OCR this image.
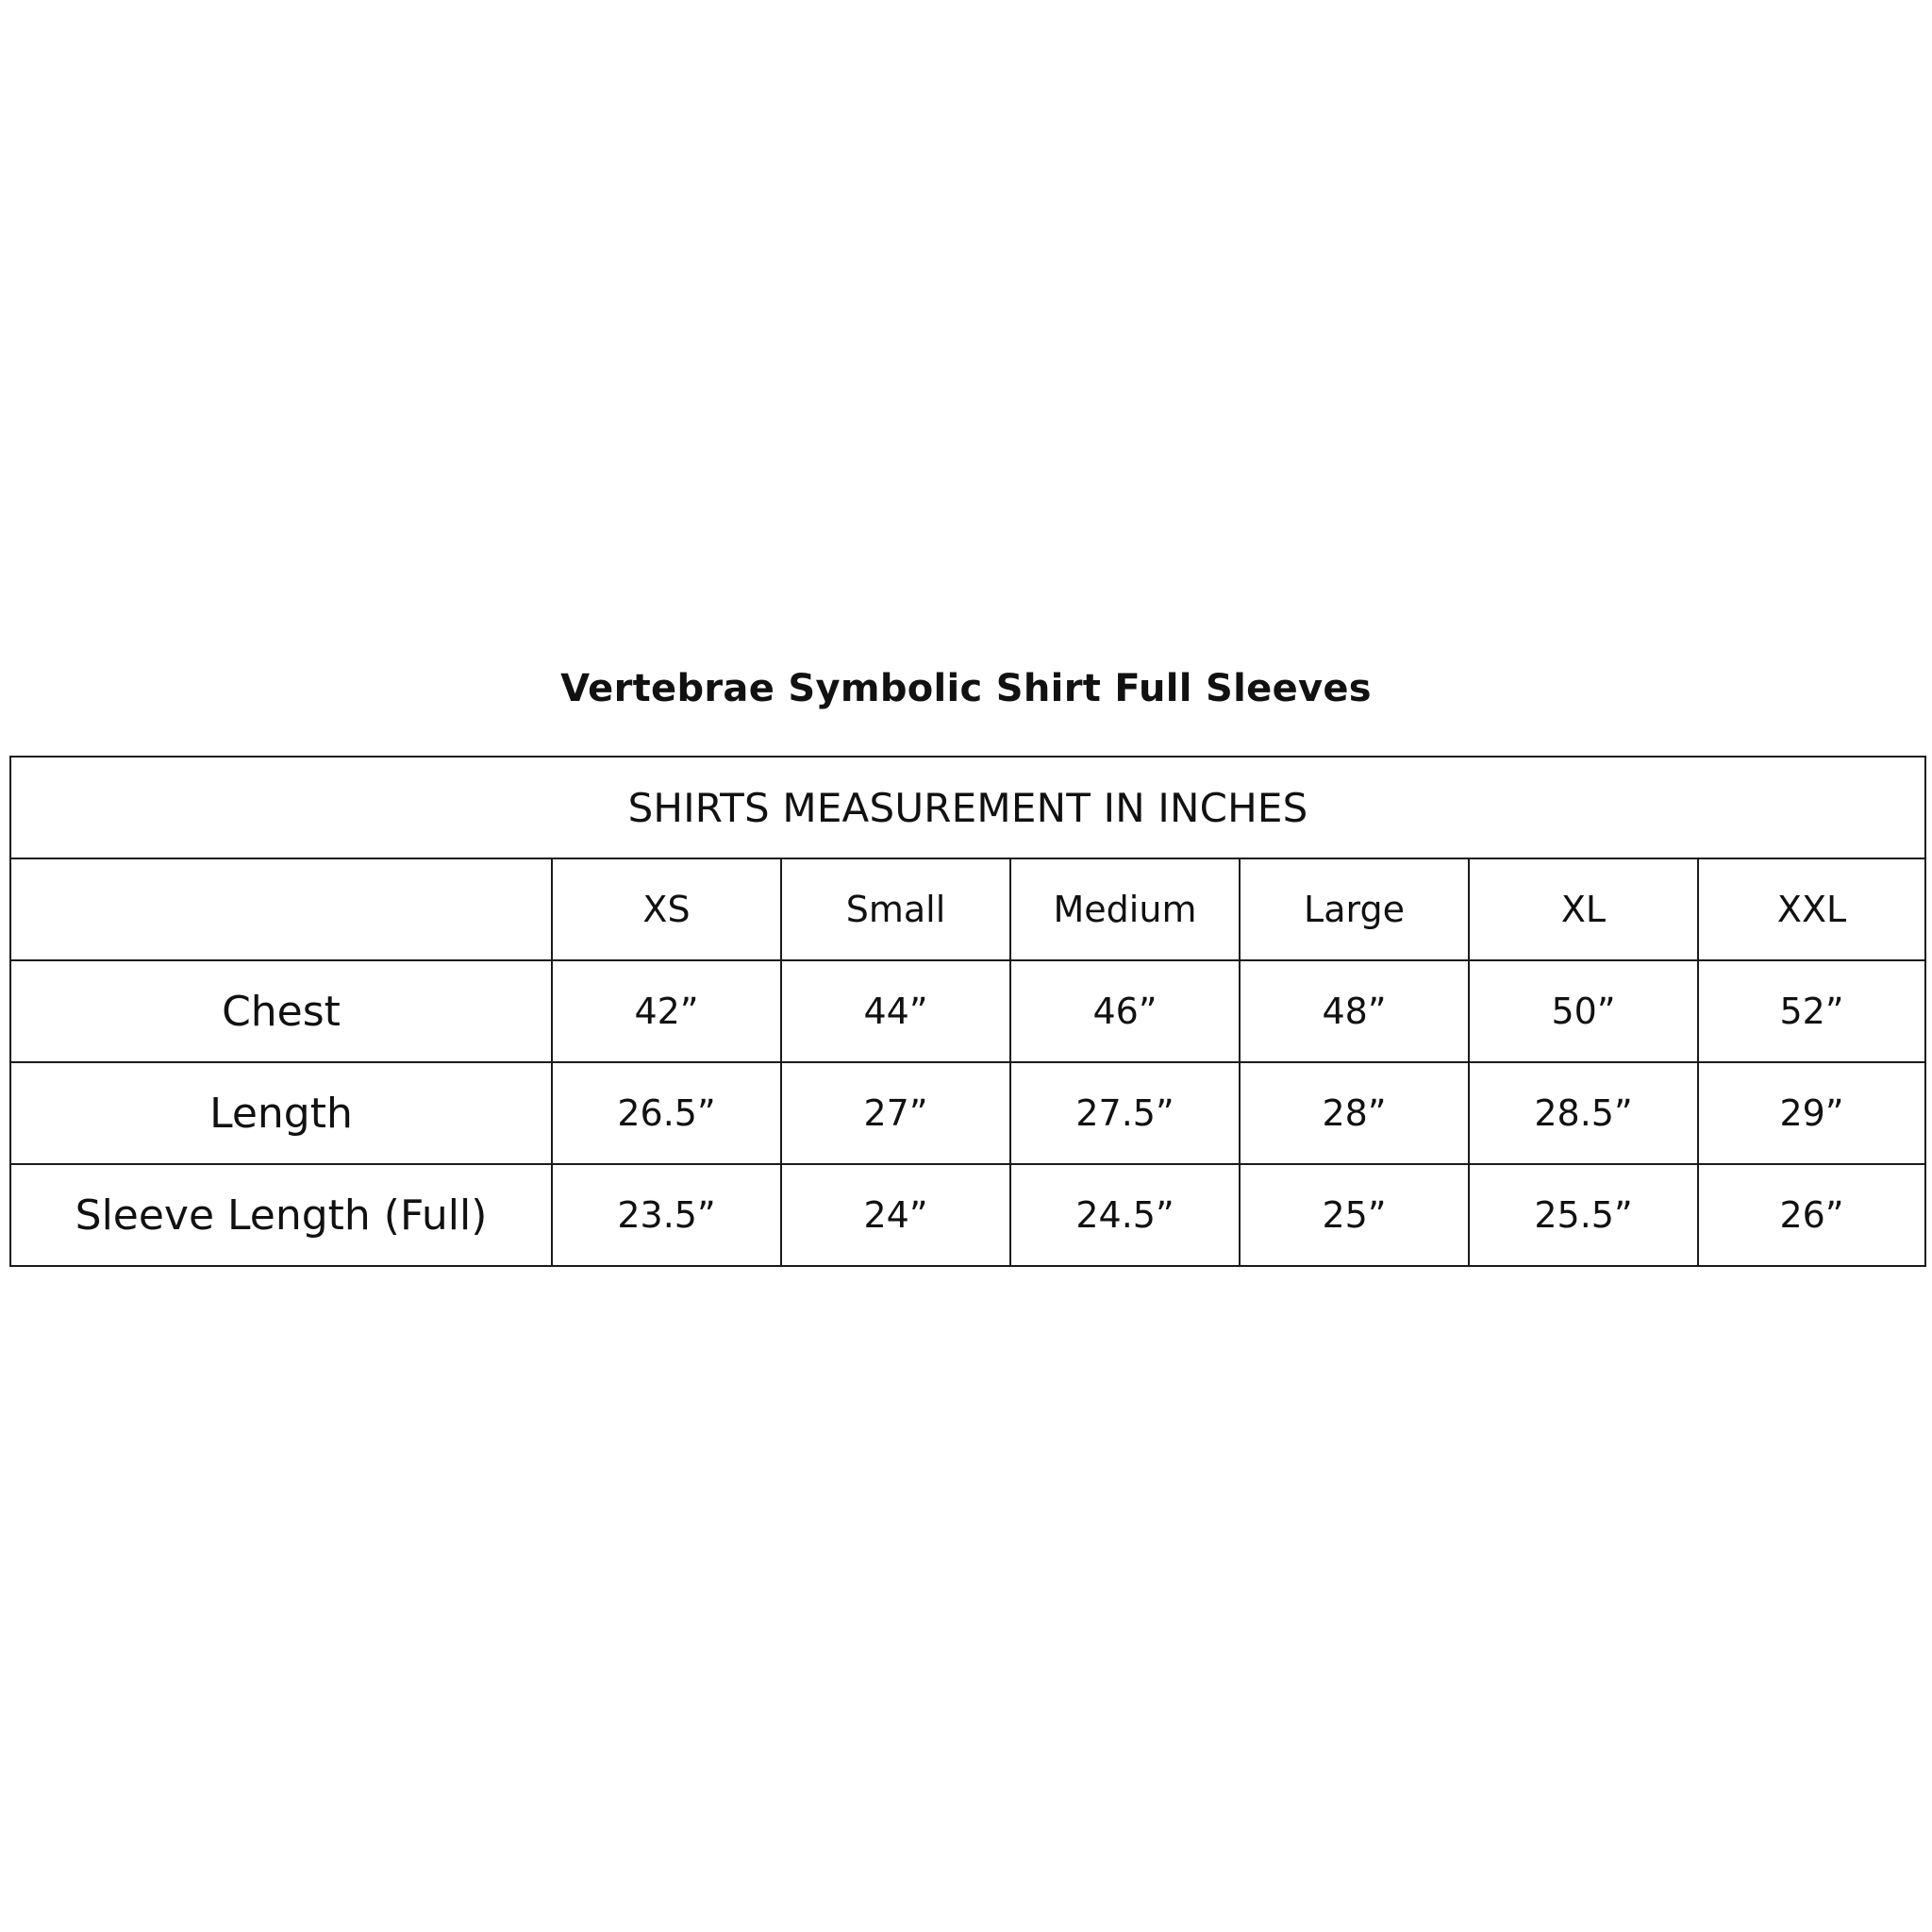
Vertebrae Symbolic Shirt Full Sleeves
SHIRTS MEASUREMENT IN INCHES						
	XS	Small	Medium	Large	XL	XXL
Chest	42”	44”	46”	48”	50”	52”
Length	26.5”	27”	27.5”	28”	28.5”	29”
Sleeve Length (Full)	23.5”	24”	24.5”	25”	25.5”	26”
